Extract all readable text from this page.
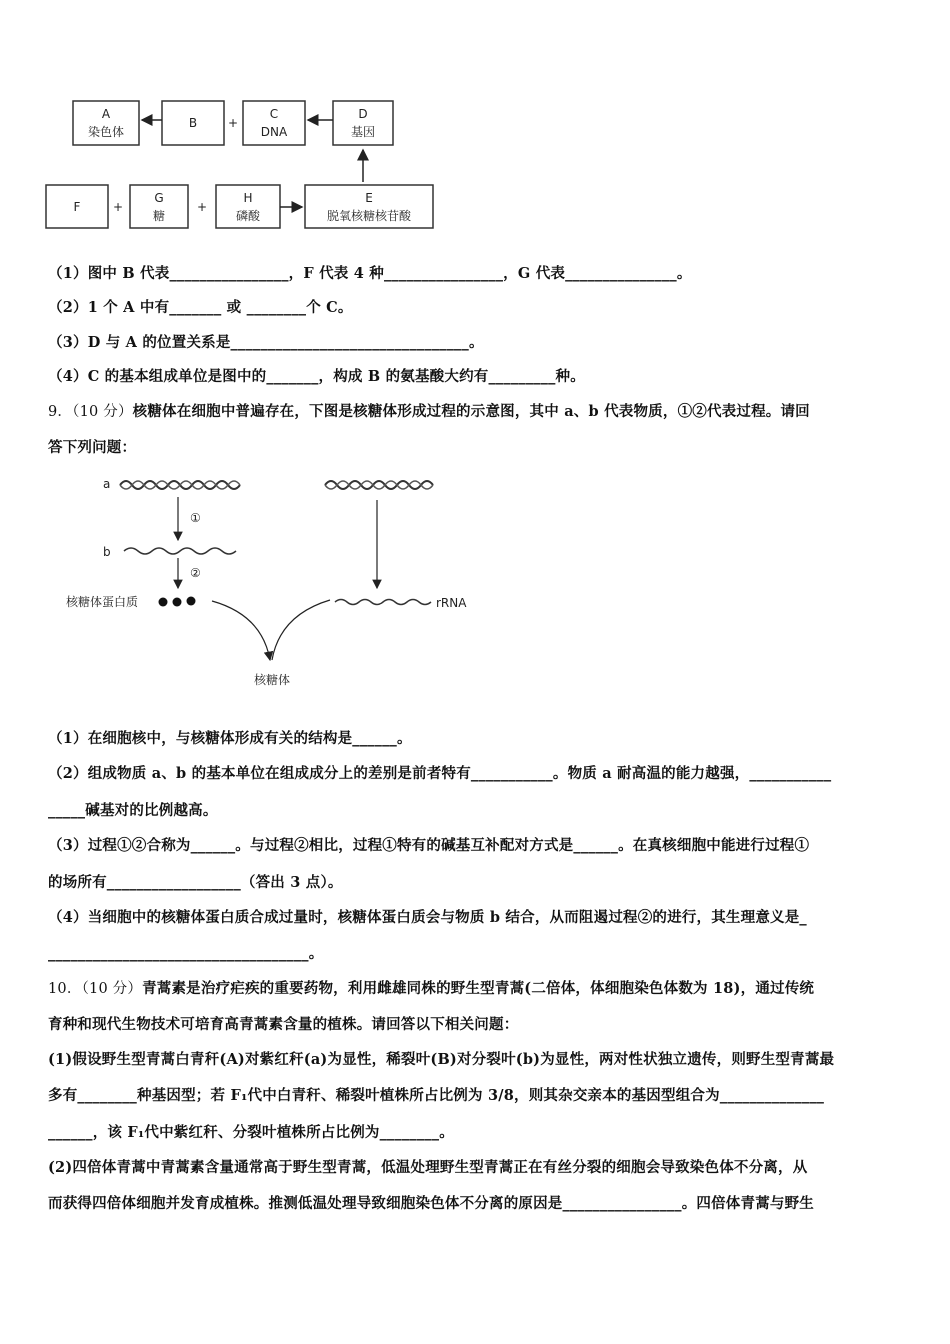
A
染色体
B	+
C
DNA
D
基因
F	+
G
糖
+
H
磷酸
E
脱氧核糖核苷酸
（1）图中 B 代表________________，F 代表 4 种________________，G 代表_______________。
（2）1 个 A 中有_______ 或 ________个 C。
（3）D 与 A 的位置关系是________________________________。
（4）C 的基本组成单位是图中的_______，构成 B 的氨基酸大约有_________种。
9．（10 分）核糖体在细胞中普遍存在，下图是核糖体形成过程的示意图，其中 a、b 代表物质，①②代表过程。请回
答下列问题：
a
①
b
②
核糖体蛋白质	rRNA
核糖体
（1）在细胞核中，与核糖体形成有关的结构是______。
（2）组成物质 a、b 的基本单位在组成成分上的差别是前者特有___________。物质 a 耐高温的能力越强，___________
_____碱基对的比例越高。
（3）过程①②合称为______。与过程②相比，过程①特有的碱基互补配对方式是______。在真核细胞中能进行过程①
的场所有__________________（答出 3 点）。
（4）当细胞中的核糖体蛋白质合成过量时，核糖体蛋白质会与物质 b 结合，从而阻遏过程②的进行，其生理意义是_
___________________________________。
10．（10 分）青蒿素是治疗疟疾的重要药物，利用雌雄同株的野生型青蒿(二倍体，体细胞染色体数为 18)，通过传统
育种和现代生物技术可培育高青蒿素含量的植株。请回答以下相关问题：
(1)假设野生型青蒿白青秆(A)对紫红秆(a)为显性，稀裂叶(B)对分裂叶(b)为显性，两对性状独立遗传，则野生型青蒿最
多有________种基因型；若 F₁代中白青秆、稀裂叶植株所占比例为 3/8，则其杂交亲本的基因型组合为______________
______，该 F₁代中紫红秆、分裂叶植株所占比例为________。
(2)四倍体青蒿中青蒿素含量通常高于野生型青蒿，低温处理野生型青蒿正在有丝分裂的细胞会导致染色体不分离，从
而获得四倍体细胞并发育成植株。推测低温处理导致细胞染色体不分离的原因是________________。四倍体青蒿与野生
